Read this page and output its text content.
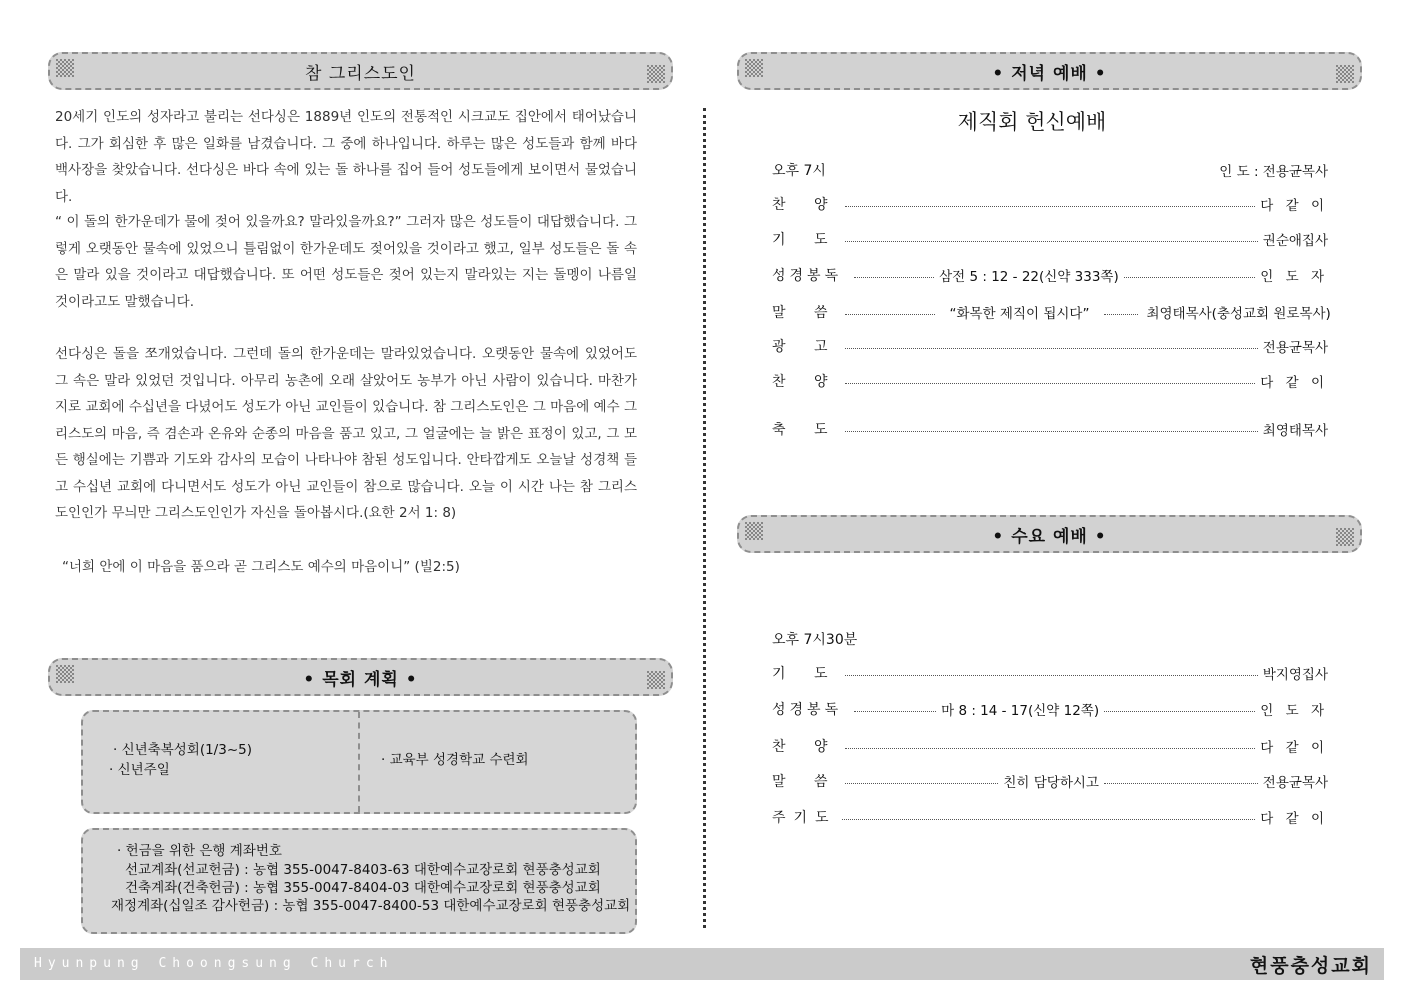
참 그리스도인
20세기 인도의 성자라고 불리는 선다싱은 1889년 인도의 전통적인 시크교도 집안에서 태어났습니다. 그가 회심한 후 많은 일화를 남겼습니다. 그 중에 하나입니다. 하루는 많은 성도들과 함께 바다 백사장을 찾았습니다. 선다싱은 바다 속에 있는 돌 하나를 집어 들어 성도들에게 보이면서 물었습니다.
“ 이 돌의 한가운데가 물에 젖어 있을까요? 말라있을까요?” 그러자 많은 성도들이 대답했습니다. 그렇게 오랫동안 물속에 있었으니 틀림없이 한가운데도 젖어있을 것이라고 했고, 일부 성도들은 돌 속은 말라 있을 것이라고 대답했습니다. 또 어떤 성도들은 젖어 있는지 말라있는 지는 돌멩이 나름일 것이라고도 말했습니다.
선다싱은 돌을 쪼개었습니다. 그런데 돌의 한가운데는 말라있었습니다. 오랫동안 물속에 있었어도 그 속은 말라 있었던 것입니다. 아무리 농촌에 오래 살았어도 농부가 아닌 사람이 있습니다. 마찬가지로 교회에 수십년을 다녔어도 성도가 아닌 교인들이 있습니다. 참 그리스도인은 그 마음에 예수 그리스도의 마음, 즉 겸손과 온유와 순종의 마음을 품고 있고, 그 얼굴에는 늘 밝은 표정이 있고, 그 모든 행실에는 기쁨과 기도와 감사의 모습이 나타나야 참된 성도입니다. 안타깝게도 오늘날 성경책 들고 수십년 교회에 다니면서도 성도가 아닌 교인들이 참으로 많습니다. 오늘 이 시간 나는 참 그리스도인인가 무늬만 그리스도인인가 자신을 돌아봅시다.(요한 2서 1: 8)
“너희 안에 이 마음을 품으라 곧 그리스도 예수의 마음이니” (빌2:5)
• 목회 계획 •
· 신년축복성회(1/3~5)
· 신년주일
· 교육부 성경학교 수련회
· 헌금을 위한 은행 계좌번호
선교계좌(선교헌금) : 농협 355-0047-8403-63 대한예수교장로회 현풍충성교회
건축계좌(건축헌금) : 농협 355-0047-8404-03 대한예수교장로회 현풍충성교회
재정계좌(십일조 감사헌금) : 농협 355-0047-8400-53 대한예수교장로회 현풍충성교회
• 저녁 예배 •
제직회 헌신예배
오후 7시	인 도 : 전용균목사
찬 양	다 같 이
기 도	권순애집사
성경봉독	삼전 5 : 12 - 22(신약 333쪽)	인 도 자
말 씀	“화목한 제직이 됩시다”	최영태목사(충성교회 원로목사)
광 고	전용균목사
찬 양	다 같 이
축 도	최영태목사
• 수요 예배 •
오후 7시30분
기 도	박지영집사
성경봉독	마 8 : 14 - 17(신약 12쪽)	인 도 자
찬 양	다 같 이
말 씀	친히 담당하시고	전용균목사
주기도	다 같 이
Hyunpung Choongsung Church	현풍충성교회
